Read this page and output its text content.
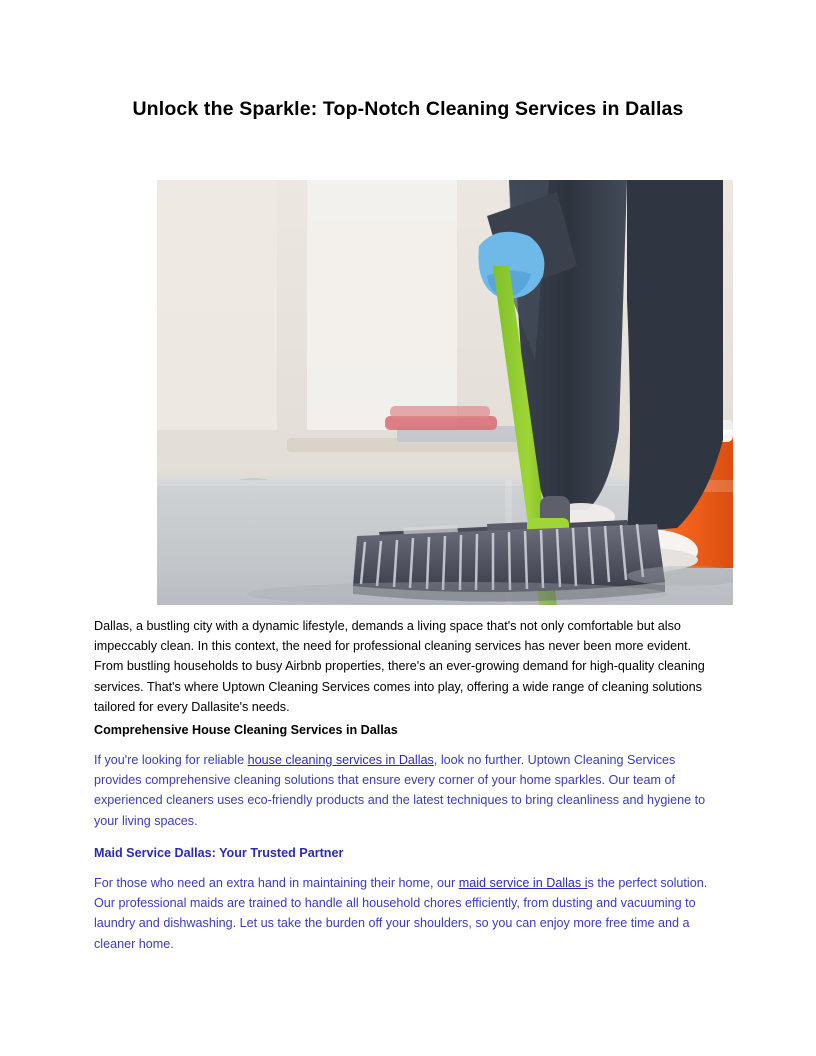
Unlock the Sparkle: Top-Notch Cleaning Services in Dallas

Dallas, a bustling city with a dynamic lifestyle, demands a living space that's not only comfortable but also impeccably clean. In this context, the need for professional cleaning services has never been more evident. From bustling households to busy Airbnb properties, there's an ever-growing demand for high-quality cleaning services. That's where Uptown Cleaning Services comes into play, offering a wide range of cleaning solutions tailored for every Dallasite's needs.

Comprehensive House Cleaning Services in Dallas

If you're looking for reliable house cleaning services in Dallas, look no further. Uptown Cleaning Services provides comprehensive cleaning solutions that ensure every corner of your home sparkles. Our team of experienced cleaners uses eco-friendly products and the latest techniques to bring cleanliness and hygiene to your living spaces.

Maid Service Dallas: Your Trusted Partner

For those who need an extra hand in maintaining their home, our maid service in Dallas is the perfect solution. Our professional maids are trained to handle all household chores efficiently, from dusting and vacuuming to laundry and dishwashing. Let us take the burden off your shoulders, so you can enjoy more free time and a cleaner home.
